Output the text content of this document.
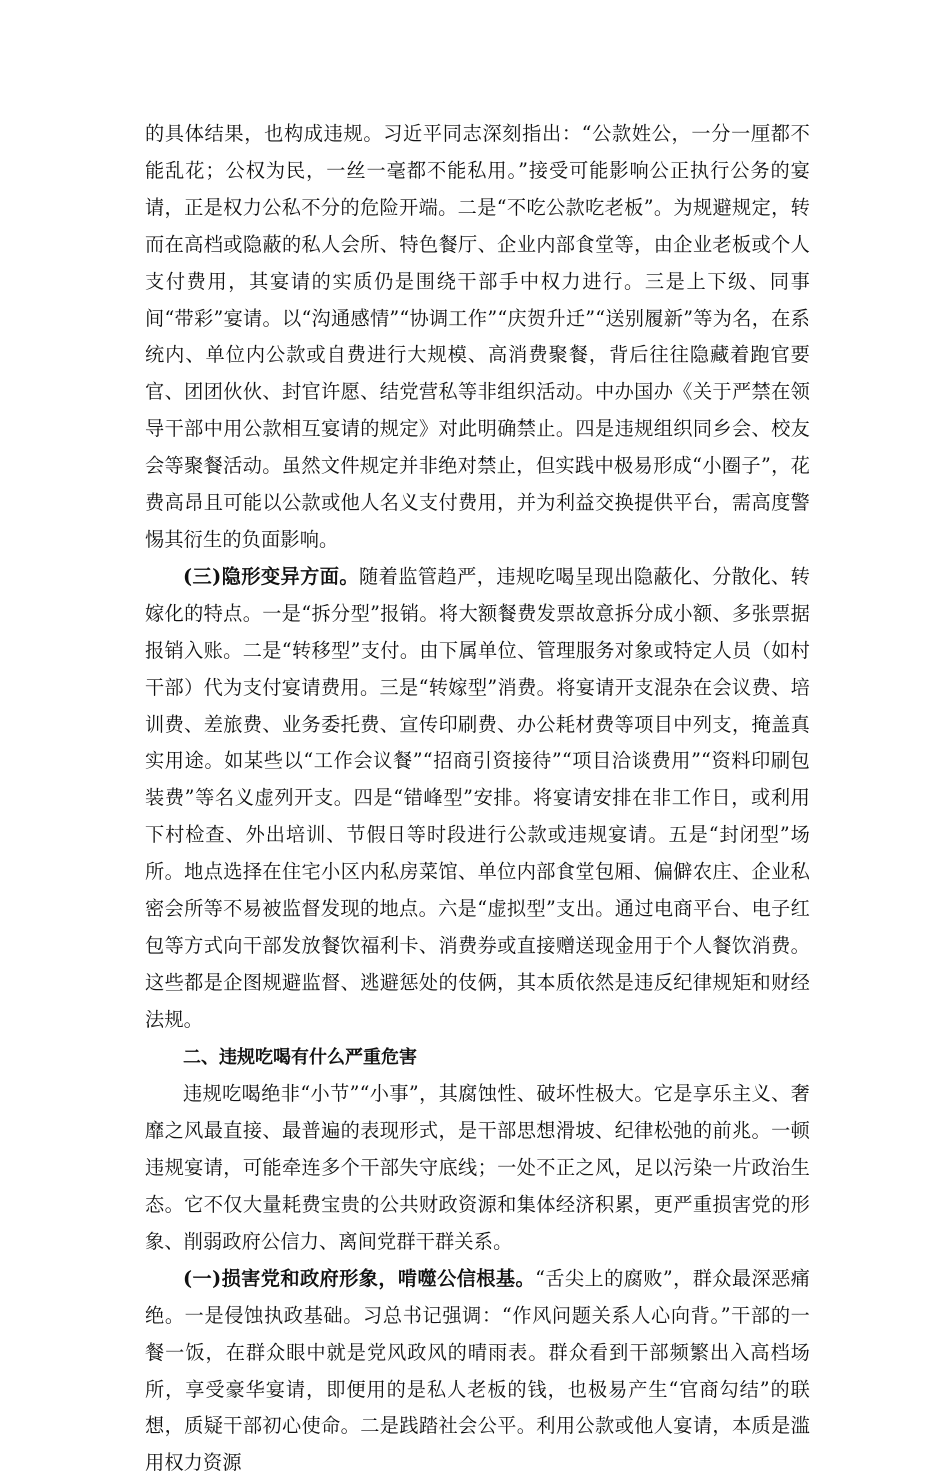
的具体结果，也构成违规。习近平同志深刻指出：“公款姓公，一分一厘都不能乱花；公权为民，一丝一毫都不能私用。”接受可能影响公正执行公务的宴请，正是权力公私不分的危险开端。二是“不吃公款吃老板”。为规避规定，转而在高档或隐蔽的私人会所、特色餐厅、企业内部食堂等，由企业老板或个人支付费用，其宴请的实质仍是围绕干部手中权力进行。三是上下级、同事间“带彩”宴请。以“沟通感情”“协调工作”“庆贺升迁”“送别履新”等为名，在系统内、单位内公款或自费进行大规模、高消费聚餐，背后往往隐藏着跑官要官、团团伙伙、封官许愿、结党营私等非组织活动。中办国办《关于严禁在领导干部中用公款相互宴请的规定》对此明确禁止。四是违规组织同乡会、校友会等聚餐活动。虽然文件规定并非绝对禁止，但实践中极易形成“小圈子”，花费高昂且可能以公款或他人名义支付费用，并为利益交换提供平台，需高度警惕其衍生的负面影响。

(三)隐形变异方面。随着监管趋严，违规吃喝呈现出隐蔽化、分散化、转嫁化的特点。一是“拆分型”报销。将大额餐费发票故意拆分成小额、多张票据报销入账。二是“转移型”支付。由下属单位、管理服务对象或特定人员（如村干部）代为支付宴请费用。三是“转嫁型”消费。将宴请开支混杂在会议费、培训费、差旅费、业务委托费、宣传印刷费、办公耗材费等项目中列支，掩盖真实用途。如某些以“工作会议餐”“招商引资接待”“项目洽谈费用”“资料印刷包装费”等名义虚列开支。四是“错峰型”安排。将宴请安排在非工作日，或利用下村检查、外出培训、节假日等时段进行公款或违规宴请。五是“封闭型”场所。地点选择在住宅小区内私房菜馆、单位内部食堂包厢、偏僻农庄、企业私密会所等不易被监督发现的地点。六是“虚拟型”支出。通过电商平台、电子红包等方式向干部发放餐饮福利卡、消费券或直接赠送现金用于个人餐饮消费。这些都是企图规避监督、逃避惩处的伎俩，其本质依然是违反纪律规矩和财经法规。

二、违规吃喝有什么严重危害

违规吃喝绝非“小节”“小事”，其腐蚀性、破坏性极大。它是享乐主义、奢靡之风最直接、最普遍的表现形式，是干部思想滑坡、纪律松弛的前兆。一顿违规宴请，可能牵连多个干部失守底线；一处不正之风，足以污染一片政治生态。它不仅大量耗费宝贵的公共财政资源和集体经济积累，更严重损害党的形象、削弱政府公信力、离间党群干群关系。

(一)损害党和政府形象，啃噬公信根基。“舌尖上的腐败”，群众最深恶痛绝。一是侵蚀执政基础。习总书记强调：“作风问题关系人心向背。”干部的一餐一饭，在群众眼中就是党风政风的晴雨表。群众看到干部频繁出入高档场所，享受豪华宴请，即便用的是私人老板的钱，也极易产生“官商勾结”的联想，质疑干部初心使命。二是践踏社会公平。利用公款或他人宴请，本质是滥用权力资源
